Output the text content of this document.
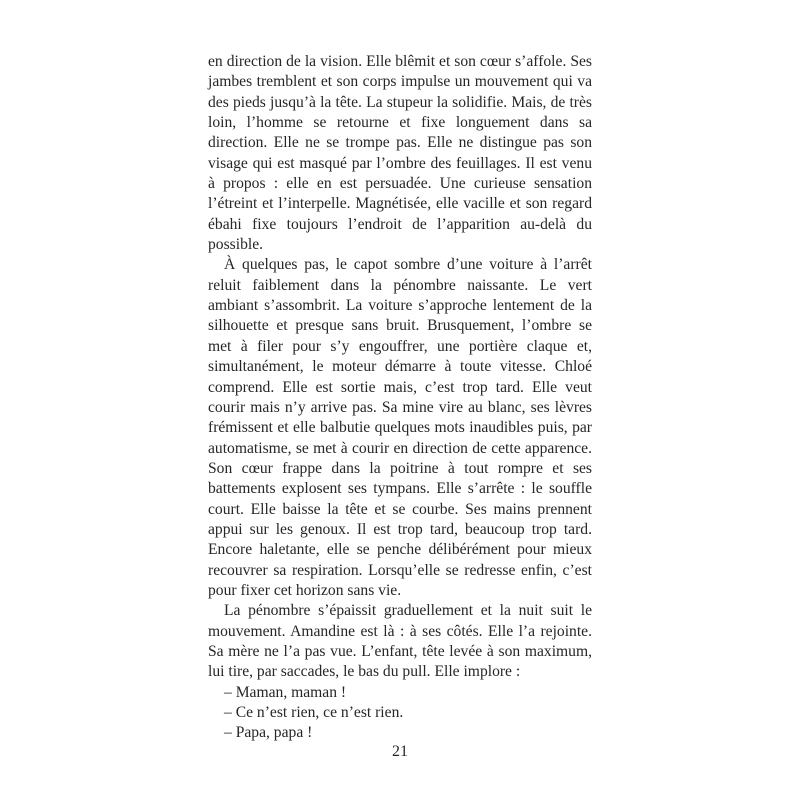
en direction de la vision. Elle blêmit et son cœur s’affole. Ses jambes tremblent et son corps impulse un mouvement qui va des pieds jusqu’à la tête. La stupeur la solidifie. Mais, de très loin, l’homme se retourne et fixe longuement dans sa direction. Elle ne se trompe pas. Elle ne distingue pas son visage qui est masqué par l’ombre des feuillages. Il est venu à propos : elle en est persuadée. Une curieuse sensation l’étreint et l’interpelle. Magnétisée, elle vacille et son regard ébahi fixe toujours l’endroit de l’apparition au-delà du possible.

À quelques pas, le capot sombre d’une voiture à l’arrêt reluit faiblement dans la pénombre naissante. Le vert ambiant s’assombrit. La voiture s’approche lentement de la silhouette et presque sans bruit. Brusquement, l’ombre se met à filer pour s’y engouffrer, une portière claque et, simultanément, le moteur démarre à toute vitesse. Chloé comprend. Elle est sortie mais, c’est trop tard. Elle veut courir mais n’y arrive pas. Sa mine vire au blanc, ses lèvres frémissent et elle balbutie quelques mots inaudibles puis, par automatisme, se met à courir en direction de cette apparence. Son cœur frappe dans la poitrine à tout rompre et ses battements explosent ses tympans. Elle s’arrête : le souffle court. Elle baisse la tête et se courbe. Ses mains prennent appui sur les genoux. Il est trop tard, beaucoup trop tard. Encore haletante, elle se penche délibérément pour mieux recouvrer sa respiration. Lorsqu’elle se redresse enfin, c’est pour fixer cet horizon sans vie.

La pénombre s’épaissit graduellement et la nuit suit le mouvement. Amandine est là : à ses côtés. Elle l’a rejointe. Sa mère ne l’a pas vue. L’enfant, tête levée à son maximum, lui tire, par saccades, le bas du pull. Elle implore :

– Maman, maman !

– Ce n’est rien, ce n’est rien.

– Papa, papa !

21
